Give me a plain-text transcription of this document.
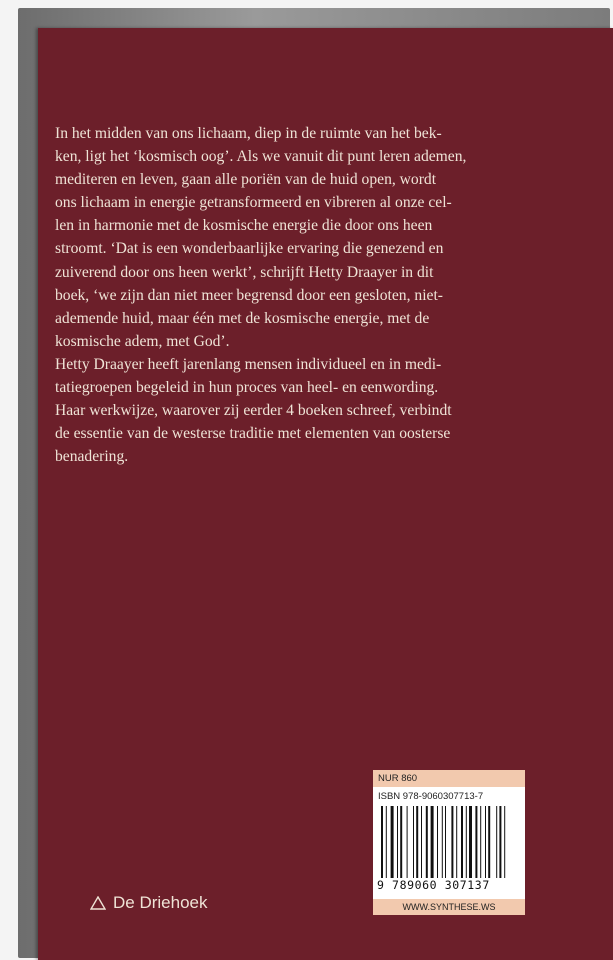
In het midden van ons lichaam, diep in de ruimte van het bek-

ken, ligt het ‘kosmisch oog’. Als we vanuit dit punt leren ademen,

mediteren en leven, gaan alle poriën van de huid open, wordt

ons lichaam in energie getransformeerd en vibreren al onze cel-

len in harmonie met de kosmische energie die door ons heen

stroomt. ‘Dat is een wonderbaarlijke ervaring die genezend en

zuiverend door ons heen werkt’, schrijft Hetty Draayer in dit

boek, ‘we zijn dan niet meer begrensd door een gesloten, niet-

ademende huid, maar één met de kosmische energie, met de

kosmische adem, met God’.

Hetty Draayer heeft jarenlang mensen individueel en in medi-

tatiegroepen begeleid in hun proces van heel- en eenwording.

Haar werkwijze, waarover zij eerder 4 boeken schreef, verbindt

de essentie van de westerse traditie met elementen van oosterse

benadering.

NUR 860
ISBN 978-9060307713-7
9 789060 307137
WWW.SYNTHESE.WS
De Driehoek
